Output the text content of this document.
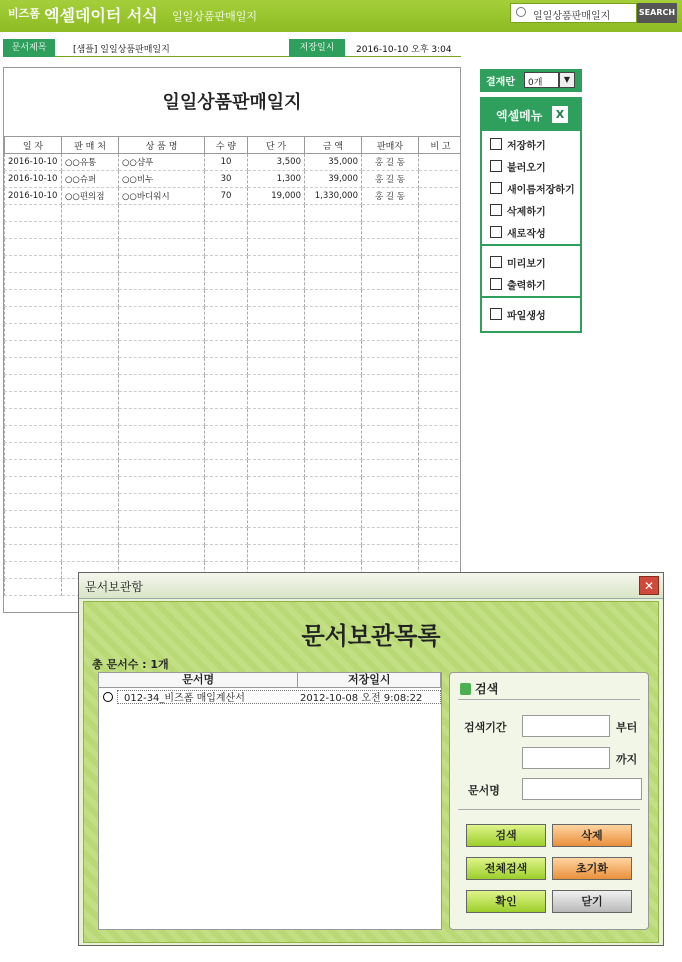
비즈폼 엑셀데이터 서식 일일상품판매일지	일일상품판매일지	SEARCH
문서제목	[샘플] 일일상품판매일지	저장일시	2016-10-10 오후 3:04
일일상품판매일지
일 자	판 매 처	상 품 명	수 량	단 가	금 액	판매자	비 고
2016-10-10	○○유통	○○샴푸	10	3,500	35,000	홍 길 동	
2016-10-10	○○슈퍼	○○비누	30	1,300	39,000	홍 길 동	
2016-10-10	○○편의점	○○바디워시	70	19,000	1,330,000	홍 길 동	

결재란	0개	▼
엑셀메뉴	X
저장하기
불러오기
새이름저장하기
삭제하기
새로작성
미리보기
출력하기
파일생성
문서보관함	✕
문서보관목록
총 문서수 : 1개
문서명	저장일시
012-34_비즈폼 매입계산서	2012-10-08 오전 9:08:22
검색
검색기간	부터
까지
문서명
검색	삭제
전체검색	초기화
확인	닫기
